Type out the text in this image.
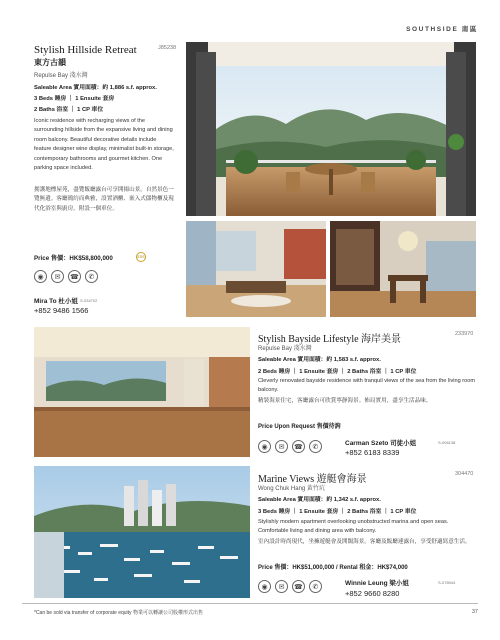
SOUTHSIDE 南區
Stylish Hillside Retreat	J85238
東方古韻
Repulse Bay 淺水灣
Saleable Area 實用面積：約 1,886 s.f. approx.
3 Beds 睡房 ｜ 1 Ensuite 套房
2 Baths 浴室 ｜ 1 CP 車位
Iconic residence with recharging views of the surrounding hillside from the expansive living and dining room balcony. Beautiful decorative details include feature designer wine display, minimalist built-in storage, contemporary bathrooms and gourmet kitchen. One parking space included.
拥護地標屋苑，盡覽飯廳露台可享開揚山景。自然景色一覽無遺。客廳簡約而典雅，設置酒櫃、嵌入式儲物櫃及現代化浴室與廚房。附設一個車位。
Price 售價：HK$58,800,000	ESS
◉	✉	☎	✆
Mira To 杜小姐 S-034702
+852 9486 1566
Stylish Bayside Lifestyle 海岸美景	233970
Repulse Bay 淺水灣
Saleable Area 實用面積：約 1,583 s.f. approx.
2 Beds 睡房 ｜ 1 Ensuite 套房 ｜ 2 Baths 浴室 ｜ 1 CP 車位
Cleverly renovated bayside residence with tranquil views of the sea from the living room balcony.
精裝海景住宅，客廳露台可欣賞寧靜海景。佈局實用，盡享生活品味。
Price Upon Request 售價待詢
◉	✉	☎	✆	Carman Szeto 司徒小姐	S-006138
+852 6183 8339
Marine Views 遊艇會海景	304470
Wong Chuk Hang 黃竹坑
Saleable Area 實用面積：約 1,342 s.f. approx.
3 Beds 睡房 ｜ 1 Ensuite 套房 ｜ 2 Baths 浴室 ｜ 1 CP 車位
Stylishly modern apartment overlooking unobstructed marina and open seas. Comfortable living and dining area with balcony.
室內設計時尚現代，坐擁遊艇會及開闊海景。客廳及飯廳連露台，享受舒適寫意生活。
Price 售價：HK$51,000,000 / Rental 租金：HK$74,000
◉	✉	☎	✆	Winnie Leung 梁小姐	S-078944
+852 9660 8280
*Can be sold via transfer of corporate equity 物業可以轉讓公司股權形式出售	37
